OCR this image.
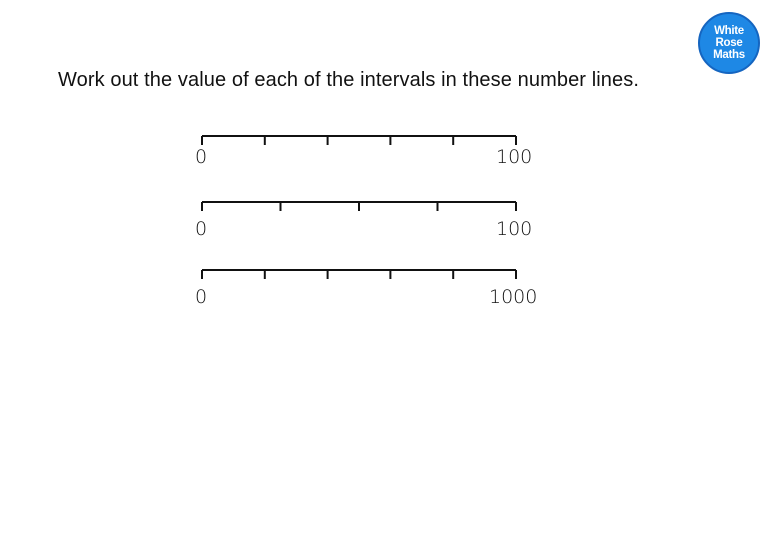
Work out the value of each of the intervals in these number lines.
White
Rose
Maths
0	100
0	100
0	1000
